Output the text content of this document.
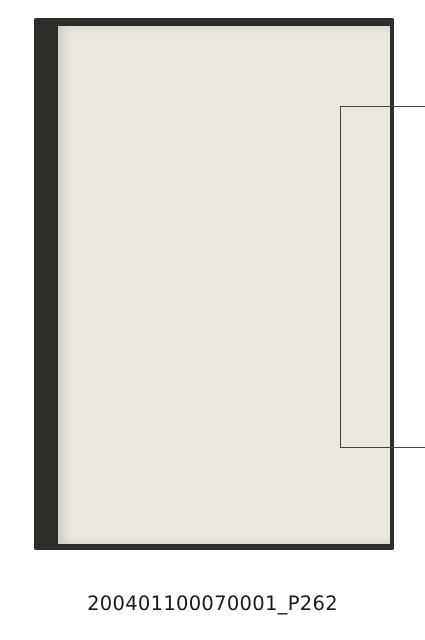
200401100070001_P262
